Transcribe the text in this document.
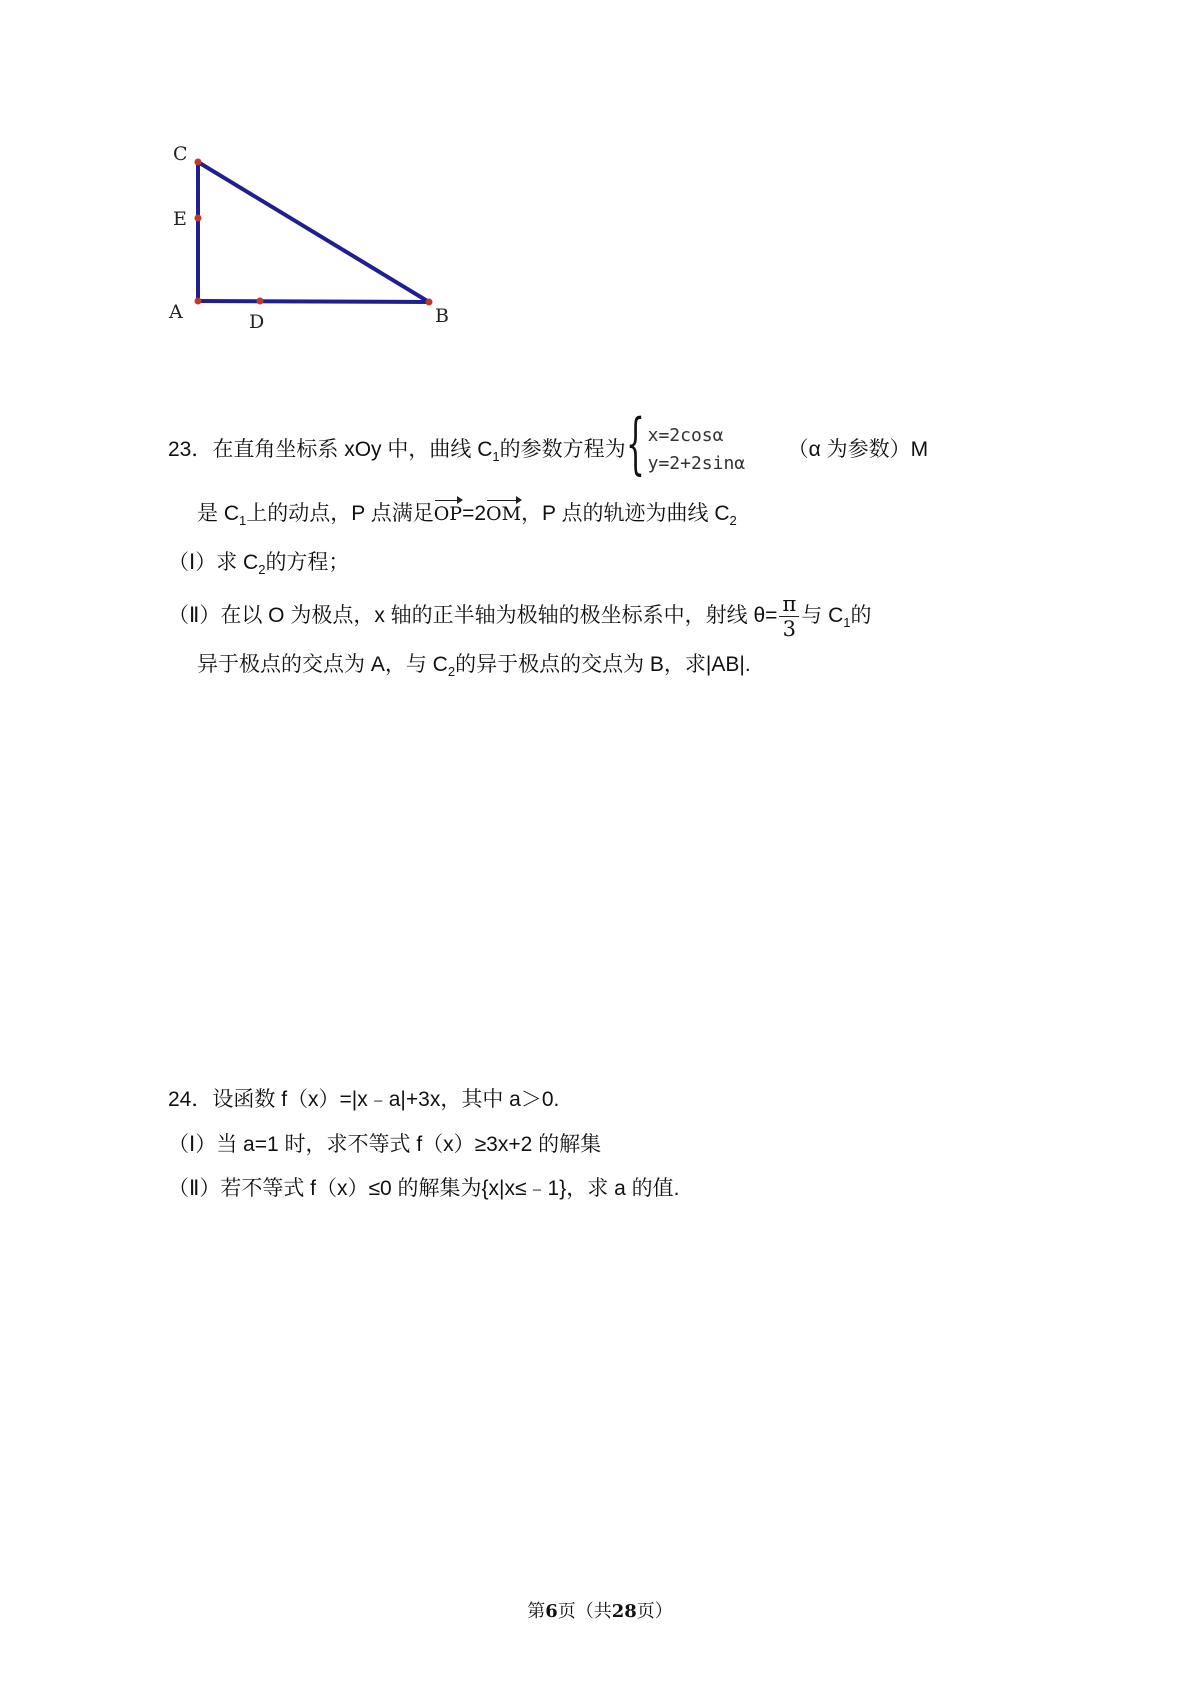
C
E
A	D	B
23．在直角坐标系 xOy 中，曲线 $C_1$的参数方程为 { x=2cosα
y=2+2sinα
（α 为参数）M
是 $C_1$上的动点，P 点满足OP=2OM，P 点的轨迹为曲线 $C_2$
（Ⅰ）求 $C_2$的方程；
（Ⅱ）在以 O 为极点，x 轴的正半轴为极轴的极坐标系中，射线 $\theta= \frac{\pi}{3}$ 与 $C_1$的
异于极点的交点为 A，与 $C_2$的异于极点的交点为 B，求|AB|.
24．设函数 f（x）=|x﹣a|+3x，其中 a＞0.
（Ⅰ）当 a=1 时，求不等式 f（x）≥3x+2 的解集
（Ⅱ）若不等式 f（x）≤0 的解集为{x|x≤﹣1}，求 a 的值.
第6页（共28页）
